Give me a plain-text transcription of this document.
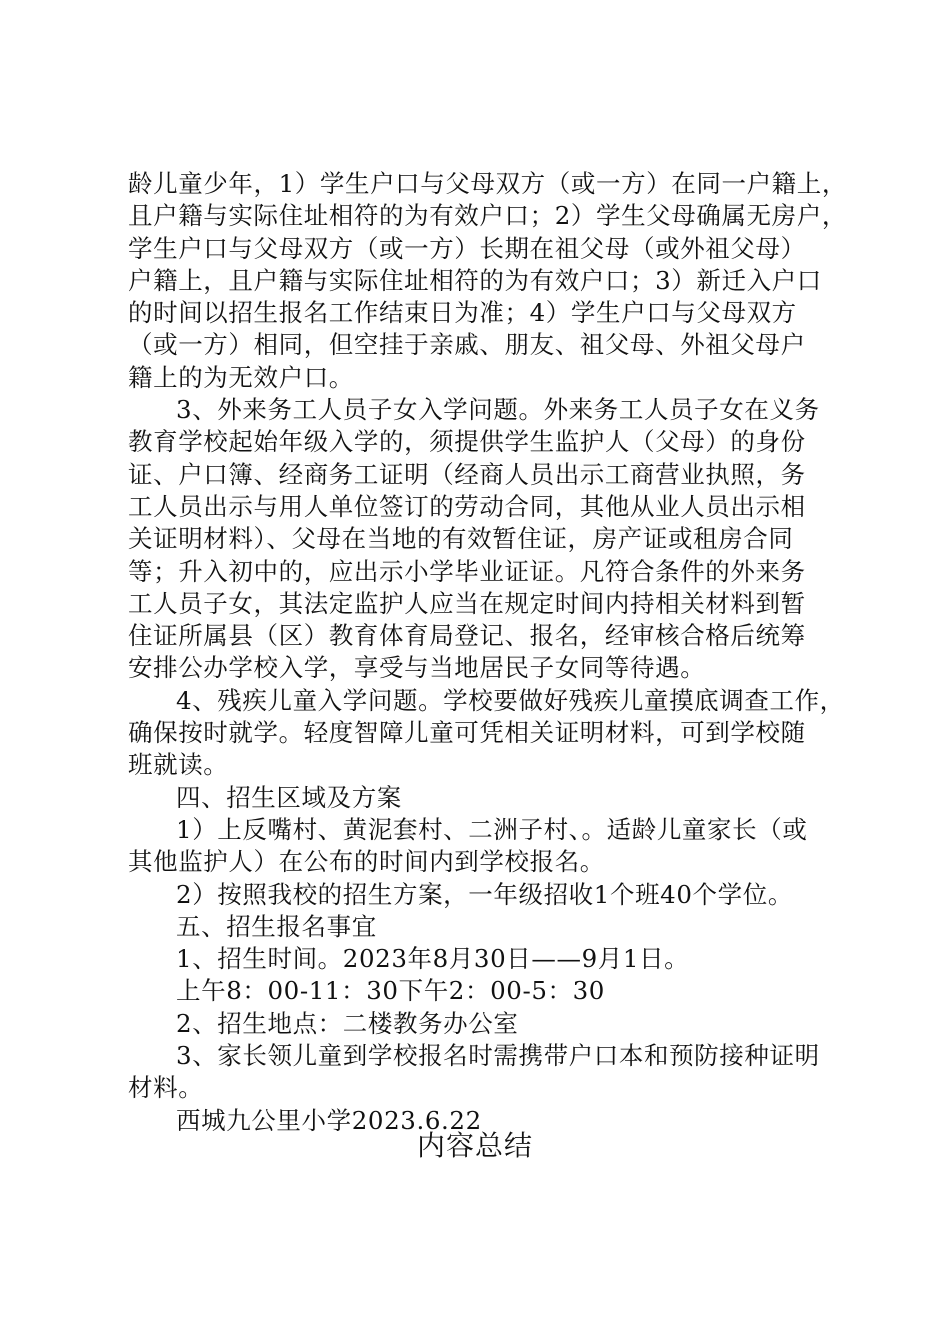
龄儿童少年，1）学生户口与父母双方（或一方）在同一户籍上，
且户籍与实际住址相符的为有效户口；2）学生父母确属无房户，
学生户口与父母双方（或一方）长期在祖父母（或外祖父母）
户籍上，且户籍与实际住址相符的为有效户口；3）新迁入户口
的时间以招生报名工作结束日为准；4）学生户口与父母双方
（或一方）相同，但空挂于亲戚、朋友、祖父母、外祖父母户
籍上的为无效户口。
3、外来务工人员子女入学问题。外来务工人员子女在义务
教育学校起始年级入学的，须提供学生监护人（父母）的身份
证、户口簿、经商务工证明（经商人员出示工商营业执照，务
工人员出示与用人单位签订的劳动合同，其他从业人员出示相
关证明材料）、父母在当地的有效暂住证，房产证或租房合同
等；升入初中的，应出示小学毕业证证。凡符合条件的外来务
工人员子女，其法定监护人应当在规定时间内持相关材料到暂
住证所属县（区）教育体育局登记、报名，经审核合格后统筹
安排公办学校入学，享受与当地居民子女同等待遇。
4、残疾儿童入学问题。学校要做好残疾儿童摸底调查工作，
确保按时就学。轻度智障儿童可凭相关证明材料，可到学校随
班就读。
四、招生区域及方案
1）上反嘴村、黄泥套村、二洲子村、。适龄儿童家长（或
其他监护人）在公布的时间内到学校报名。
2）按照我校的招生方案，一年级招收1个班40个学位。
五、招生报名事宜
1、招生时间。2023年8月30日——9月1日。
上午8：00-11：30下午2：00-5：30
2、招生地点：二楼教务办公室
3、家长领儿童到学校报名时需携带户口本和预防接种证明
材料。
西城九公里小学2023.6.22
内容总结
